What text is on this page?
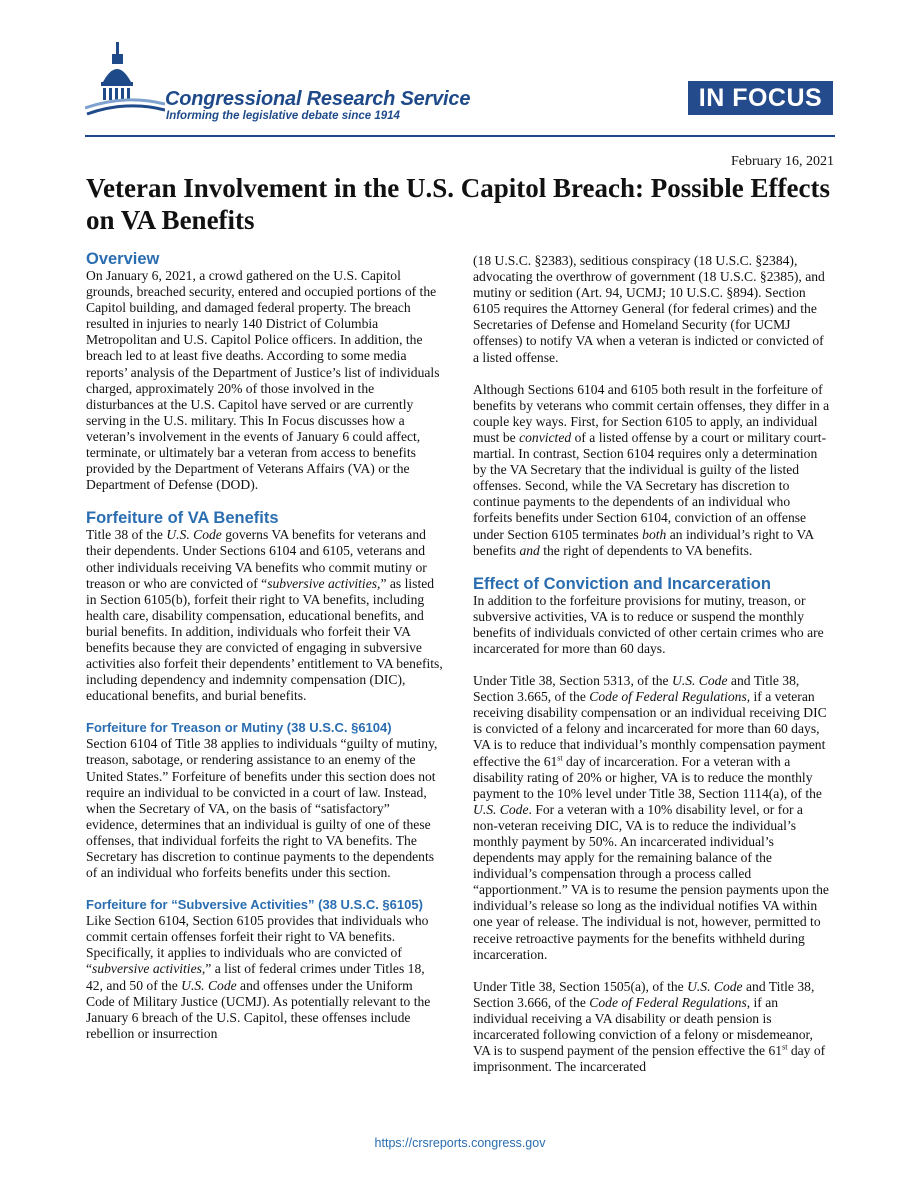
Congressional Research Service
Informing the legislative debate since 1914
IN FOCUS
February 16, 2021
Veteran Involvement in the U.S. Capitol Breach: Possible Effects on VA Benefits
Overview

On January 6, 2021, a crowd gathered on the U.S. Capitol grounds, breached security, entered and occupied portions of the Capitol building, and damaged federal property. The breach resulted in injuries to nearly 140 District of Columbia Metropolitan and U.S. Capitol Police officers. In addition, the breach led to at least five deaths. According to some media reports’ analysis of the Department of Justice’s list of individuals charged, approximately 20% of those involved in the disturbances at the U.S. Capitol have served or are currently serving in the U.S. military. This In Focus discusses how a veteran’s involvement in the events of January 6 could affect, terminate, or ultimately bar a veteran from access to benefits provided by the Department of Veterans Affairs (VA) or the Department of Defense (DOD).

Forfeiture of VA Benefits

Title 38 of the U.S. Code governs VA benefits for veterans and their dependents. Under Sections 6104 and 6105, veterans and other individuals receiving VA benefits who commit mutiny or treason or who are convicted of “subversive activities,” as listed in Section 6105(b), forfeit their right to VA benefits, including health care, disability compensation, educational benefits, and burial benefits. In addition, individuals who forfeit their VA benefits because they are convicted of engaging in subversive activities also forfeit their dependents’ entitlement to VA benefits, including dependency and indemnity compensation (DIC), educational benefits, and burial benefits.

Forfeiture for Treason or Mutiny (38 U.S.C. §6104)

Section 6104 of Title 38 applies to individuals “guilty of mutiny, treason, sabotage, or rendering assistance to an enemy of the United States.” Forfeiture of benefits under this section does not require an individual to be convicted in a court of law. Instead, when the Secretary of VA, on the basis of “satisfactory” evidence, determines that an individual is guilty of one of these offenses, that individual forfeits the right to VA benefits. The Secretary has discretion to continue payments to the dependents of an individual who forfeits benefits under this section.

Forfeiture for “Subversive Activities” (38 U.S.C. §6105)

Like Section 6104, Section 6105 provides that individuals who commit certain offenses forfeit their right to VA benefits. Specifically, it applies to individuals who are convicted of “subversive activities,” a list of federal crimes under Titles 18, 42, and 50 of the U.S. Code and offenses under the Uniform Code of Military Justice (UCMJ). As potentially relevant to the January 6 breach of the U.S. Capitol, these offenses include rebellion or insurrection

(18 U.S.C. §2383), seditious conspiracy (18 U.S.C. §2384), advocating the overthrow of government (18 U.S.C. §2385), and mutiny or sedition (Art. 94, UCMJ; 10 U.S.C. §894). Section 6105 requires the Attorney General (for federal crimes) and the Secretaries of Defense and Homeland Security (for UCMJ offenses) to notify VA when a veteran is indicted or convicted of a listed offense.

Although Sections 6104 and 6105 both result in the forfeiture of benefits by veterans who commit certain offenses, they differ in a couple key ways. First, for Section 6105 to apply, an individual must be convicted of a listed offense by a court or military court-martial. In contrast, Section 6104 requires only a determination by the VA Secretary that the individual is guilty of the listed offenses. Second, while the VA Secretary has discretion to continue payments to the dependents of an individual who forfeits benefits under Section 6104, conviction of an offense under Section 6105 terminates both an individual’s right to VA benefits and the right of dependents to VA benefits.

Effect of Conviction and Incarceration

In addition to the forfeiture provisions for mutiny, treason, or subversive activities, VA is to reduce or suspend the monthly benefits of individuals convicted of other certain crimes who are incarcerated for more than 60 days.

Under Title 38, Section 5313, of the U.S. Code and Title 38, Section 3.665, of the Code of Federal Regulations, if a veteran receiving disability compensation or an individual receiving DIC is convicted of a felony and incarcerated for more than 60 days, VA is to reduce that individual’s monthly compensation payment effective the 61st day of incarceration. For a veteran with a disability rating of 20% or higher, VA is to reduce the monthly payment to the 10% level under Title 38, Section 1114(a), of the U.S. Code. For a veteran with a 10% disability level, or for a non-veteran receiving DIC, VA is to reduce the individual’s monthly payment by 50%. An incarcerated individual’s dependents may apply for the remaining balance of the individual’s compensation through a process called “apportionment.” VA is to resume the pension payments upon the individual’s release so long as the individual notifies VA within one year of release. The individual is not, however, permitted to receive retroactive payments for the benefits withheld during incarceration.

Under Title 38, Section 1505(a), of the U.S. Code and Title 38, Section 3.666, of the Code of Federal Regulations, if an individual receiving a VA disability or death pension is incarcerated following conviction of a felony or misdemeanor, VA is to suspend payment of the pension effective the 61st day of imprisonment. The incarcerated

https://crsreports.congress.gov
